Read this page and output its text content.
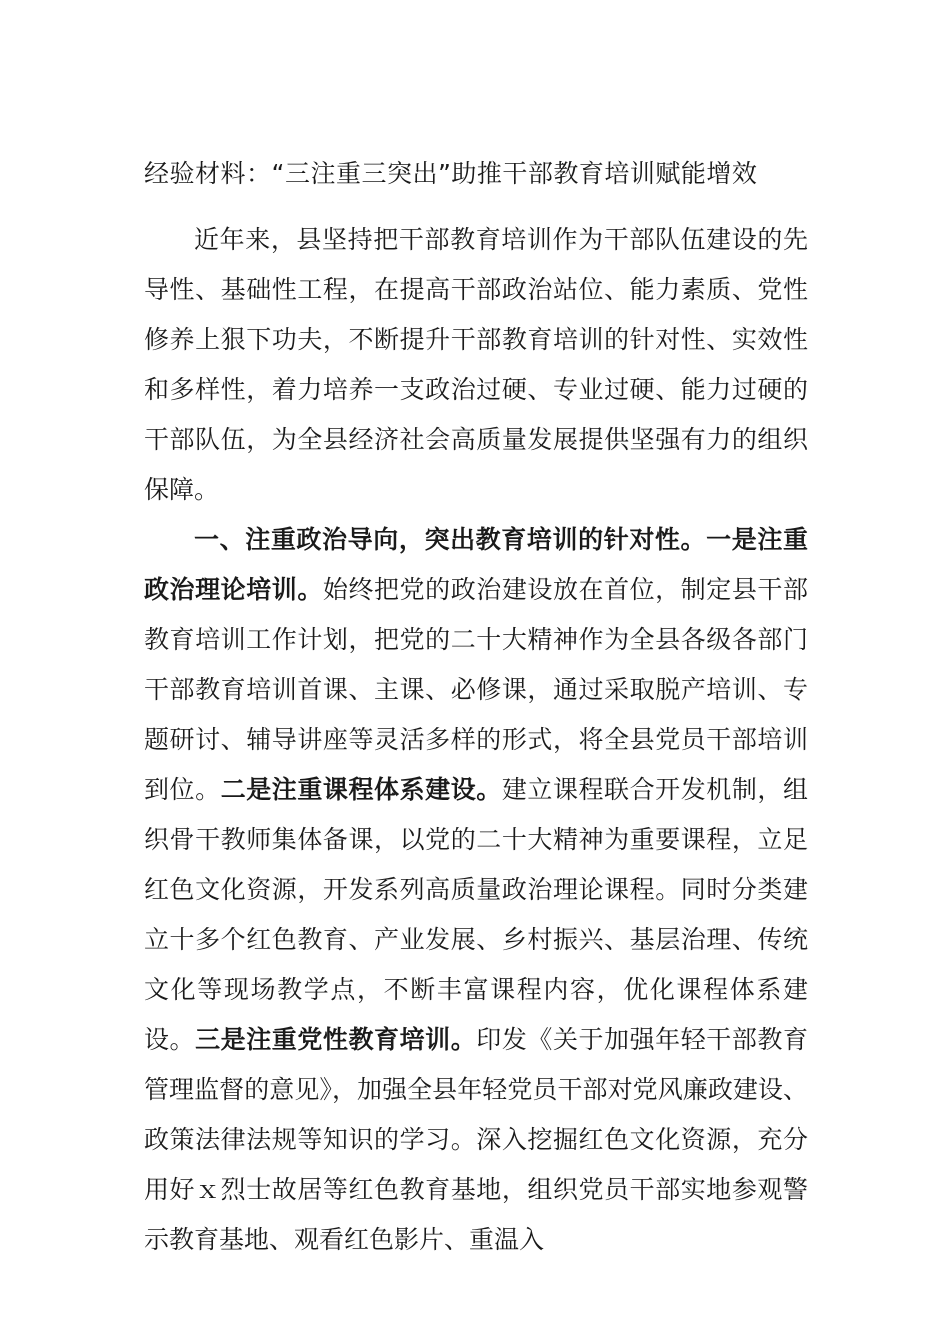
经验材料：“三注重三突出”助推干部教育培训赋能增效

近年来，县坚持把干部教育培训作为干部队伍建设的先导性、基础性工程，在提高干部政治站位、能力素质、党性修养上狠下功夫，不断提升干部教育培训的针对性、实效性和多样性，着力培养一支政治过硬、专业过硬、能力过硬的干部队伍，为全县经济社会高质量发展提供坚强有力的组织保障。

一、注重政治导向，突出教育培训的针对性。一是注重政治理论培训。始终把党的政治建设放在首位，制定县干部教育培训工作计划，把党的二十大精神作为全县各级各部门干部教育培训首课、主课、必修课，通过采取脱产培训、专题研讨、辅导讲座等灵活多样的形式，将全县党员干部培训到位。二是注重课程体系建设。建立课程联合开发机制，组织骨干教师集体备课，以党的二十大精神为重要课程，立足红色文化资源，开发系列高质量政治理论课程。同时分类建立十多个红色教育、产业发展、乡村振兴、基层治理、传统文化等现场教学点，不断丰富课程内容，优化课程体系建设。三是注重党性教育培训。印发《关于加强年轻干部教育管理监督的意见》，加强全县年轻党员干部对党风廉政建设、政策法律法规等知识的学习。深入挖掘红色文化资源，充分用好ｘ烈士故居等红色教育基地，组织党员干部实地参观警示教育基地、观看红色影片、重温入
